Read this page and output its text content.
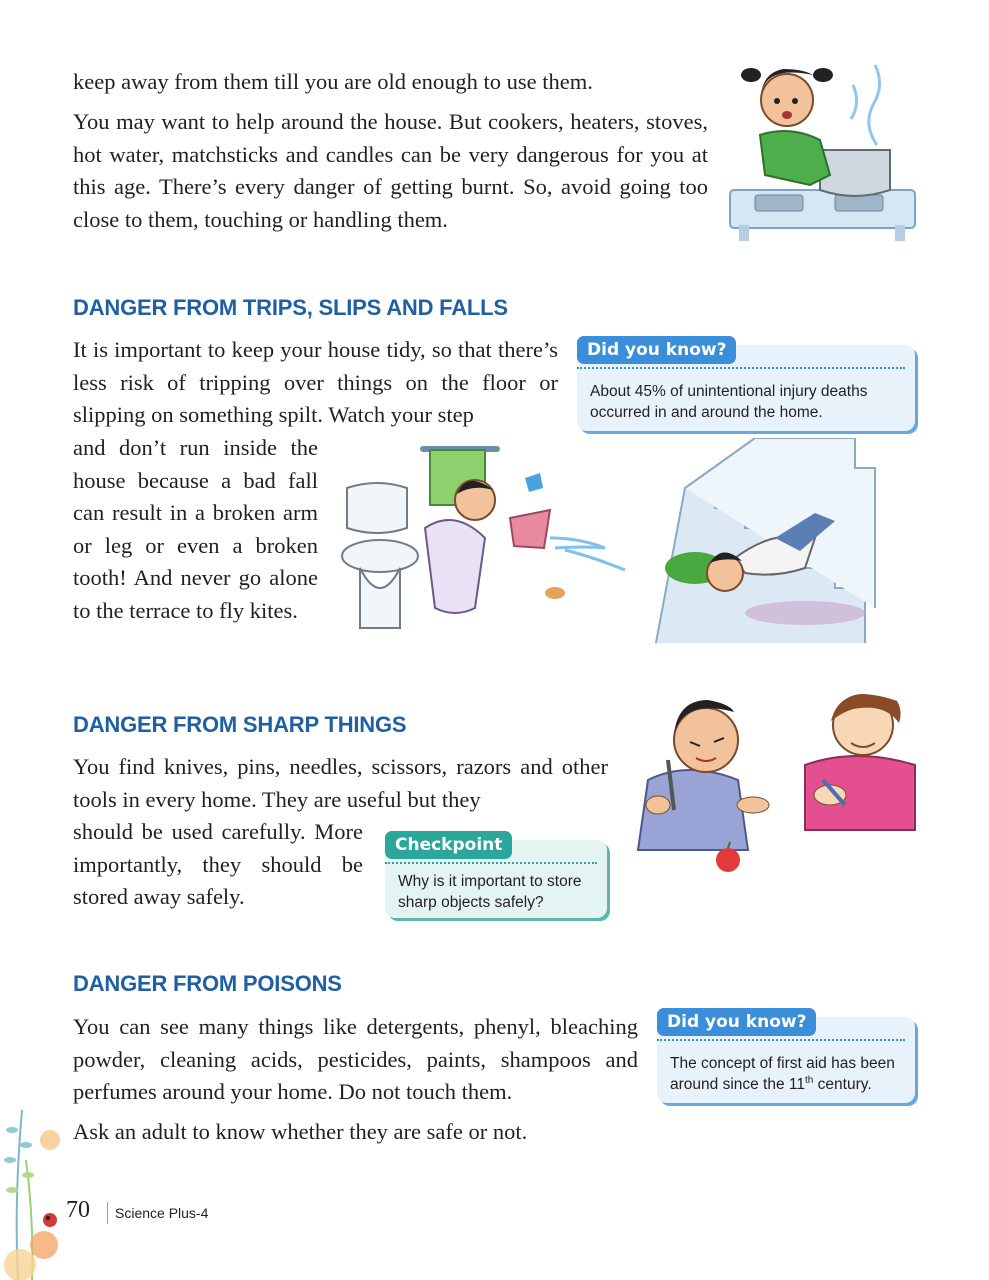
keep away from them till you are old enough to use them.

You may want to help around the house. But cookers, heaters, stoves, hot water, matchsticks and candles can be very dangerous for you at this age. There’s every danger of getting burnt. So, avoid going too close to them, touching or handling them.

DANGER FROM TRIPS, SLIPS AND FALLS

It is important to keep your house tidy, so that there’s less risk of tripping over things on the floor or slipping on something spilt. Watch your step

and don’t run inside the house because a bad fall can result in a broken arm or leg or even a broken tooth! And never go alone to the terrace to fly kites.

Did you know?
About 45% of unintentional injury deaths occurred in and around the home.
DANGER FROM SHARP THINGS

You find knives, pins, needles, scissors, razors and other tools in every home. They are useful but they

should be used carefully. More importantly, they should be stored away safely.

Checkpoint
Why is it important to store sharp objects safely?
DANGER FROM POISONS

You can see many things like detergents, phenyl, bleaching powder, cleaning acids, pesticides, paints, shampoos and perfumes around your home. Do not touch them.

Ask an adult to know whether they are safe or not.

Did you know?
The concept of first aid has been around since the 11th century.
70 Science Plus-4
